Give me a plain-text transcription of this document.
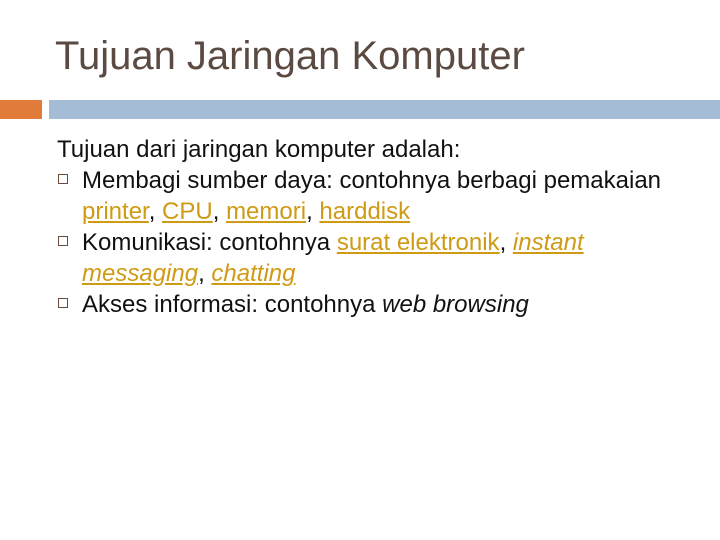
Tujuan Jaringan Komputer

Tujuan dari jaringan komputer adalah:

Membagi sumber daya: contohnya berbagi pemakaian printer, CPU, memori, harddisk
Komunikasi: contohnya surat elektronik, instant messaging, chatting
Akses informasi: contohnya web browsing
